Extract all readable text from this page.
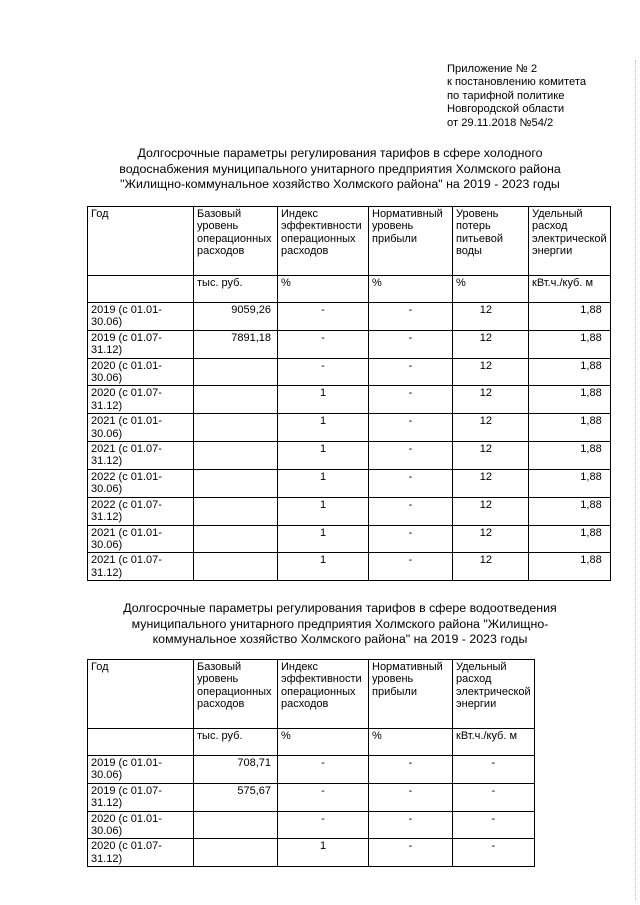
Приложение № 2
к постановлению комитета
по тарифной политике
Новгородской области
от 29.11.2018 №54/2
Долгосрочные параметры регулирования тарифов в сфере холодного
водоснабжения муниципального унитарного предприятия Холмского района
"Жилищно-коммунальное хозяйство Холмского района" на 2019 - 2023 годы
Год	Базовый уровень операционных расходов	Индекс эффективности операционных расходов	Нормативный уровень прибыли	Уровень потерь питьевой воды	Удельный расход электрической энергии
	тыс. руб.	%	%	%	кВт.ч./куб. м
2019 (с 01.01-30.06)	9059,26	-	-	12	1,88
2019 (с 01.07-31.12)	7891,18	-	-	12	1,88
2020 (с 01.01-30.06)		-	-	12	1,88
2020 (с 01.07-31.12)		1	-	12	1,88
2021 (с 01.01-30.06)		1	-	12	1,88
2021 (с 01.07-31.12)		1	-	12	1,88
2022 (с 01.01-30.06)		1	-	12	1,88
2022 (с 01.07-31.12)		1	-	12	1,88
2021 (с 01.01-30.06)		1	-	12	1,88
2021 (с 01.07-31.12)		1	-	12	1,88
Долгосрочные параметры регулирования тарифов в сфере водоотведения
муниципального унитарного предприятия Холмского района "Жилищно-
коммунальное хозяйство Холмского района" на 2019 - 2023 годы
Год	Базовый уровень операционных расходов	Индекс эффективности операционных расходов	Нормативный уровень прибыли	Удельный расход электрической энергии
	тыс. руб.	%	%	кВт.ч./куб. м
2019 (с 01.01-30.06)	708,71	-	-	-
2019 (с 01.07-31.12)	575,67	-	-	-
2020 (с 01.01-30.06)		-	-	-
2020 (с 01.07-31.12)		1	-	-
